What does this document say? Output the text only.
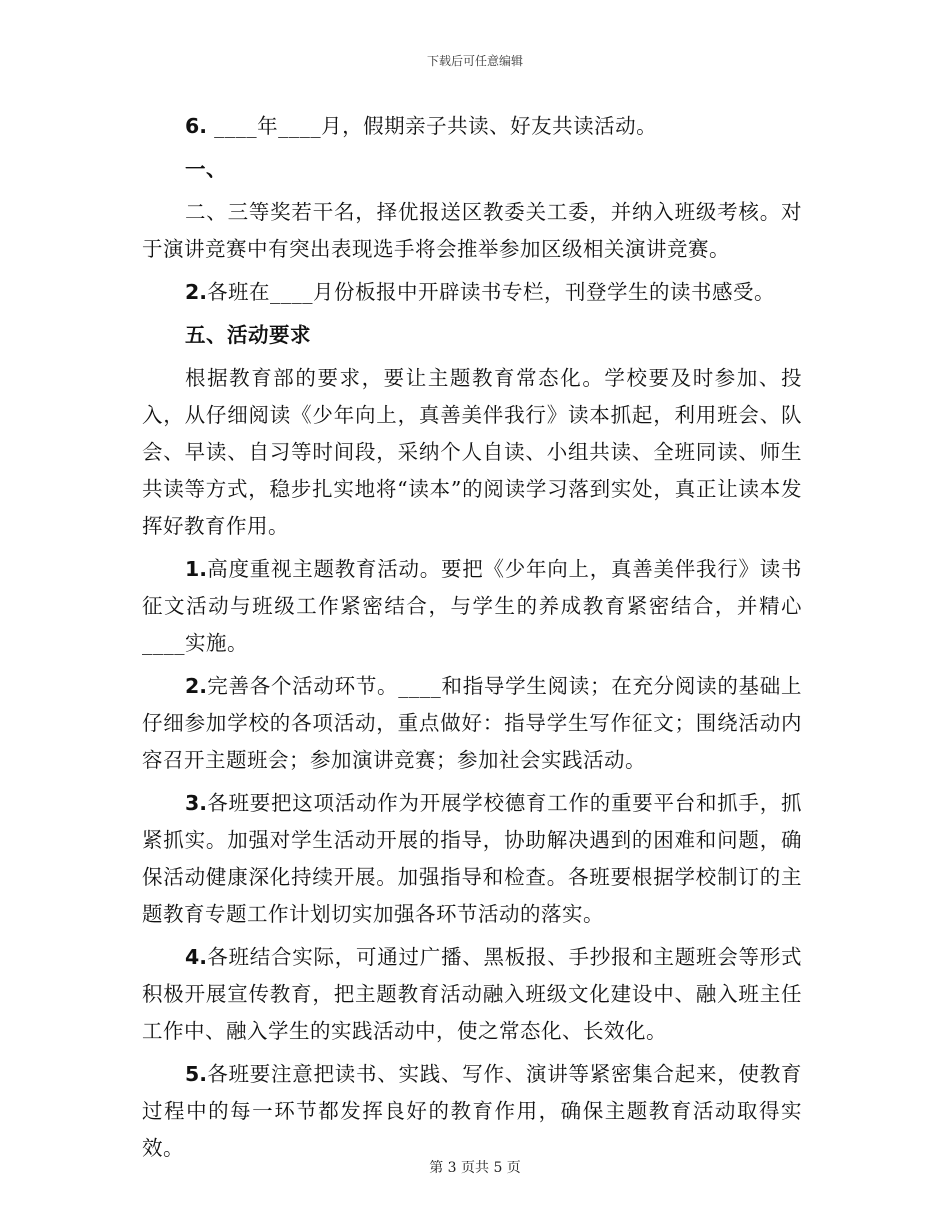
下载后可任意编辑

6. ____年____月，假期亲子共读、好友共读活动。

一、

二、三等奖若干名，择优报送区教委关工委，并纳入班级考核。对于演讲竞赛中有突出表现选手将会推举参加区级相关演讲竞赛。

2.各班在____月份板报中开辟读书专栏，刊登学生的读书感受。

五、活动要求

根据教育部的要求，要让主题教育常态化。学校要及时参加、投入，从仔细阅读《少年向上，真善美伴我行》读本抓起，利用班会、队会、早读、自习等时间段，采纳个人自读、小组共读、全班同读、师生共读等方式，稳步扎实地将“读本”的阅读学习落到实处，真正让读本发挥好教育作用。

1.高度重视主题教育活动。要把《少年向上，真善美伴我行》读书征文活动与班级工作紧密结合，与学生的养成教育紧密结合，并精心____实施。

2.完善各个活动环节。____和指导学生阅读；在充分阅读的基础上仔细参加学校的各项活动，重点做好：指导学生写作征文；围绕活动内容召开主题班会；参加演讲竞赛；参加社会实践活动。

3.各班要把这项活动作为开展学校德育工作的重要平台和抓手，抓紧抓实。加强对学生活动开展的指导，协助解决遇到的困难和问题，确保活动健康深化持续开展。加强指导和检查。各班要根据学校制订的主题教育专题工作计划切实加强各环节活动的落实。

4.各班结合实际，可通过广播、黑板报、手抄报和主题班会等形式积极开展宣传教育，把主题教育活动融入班级文化建设中、融入班主任工作中、融入学生的实践活动中，使之常态化、长效化。

5.各班要注意把读书、实践、写作、演讲等紧密集合起来，使教育过程中的每一环节都发挥良好的教育作用，确保主题教育活动取得实效。

第 3 页共 5 页
